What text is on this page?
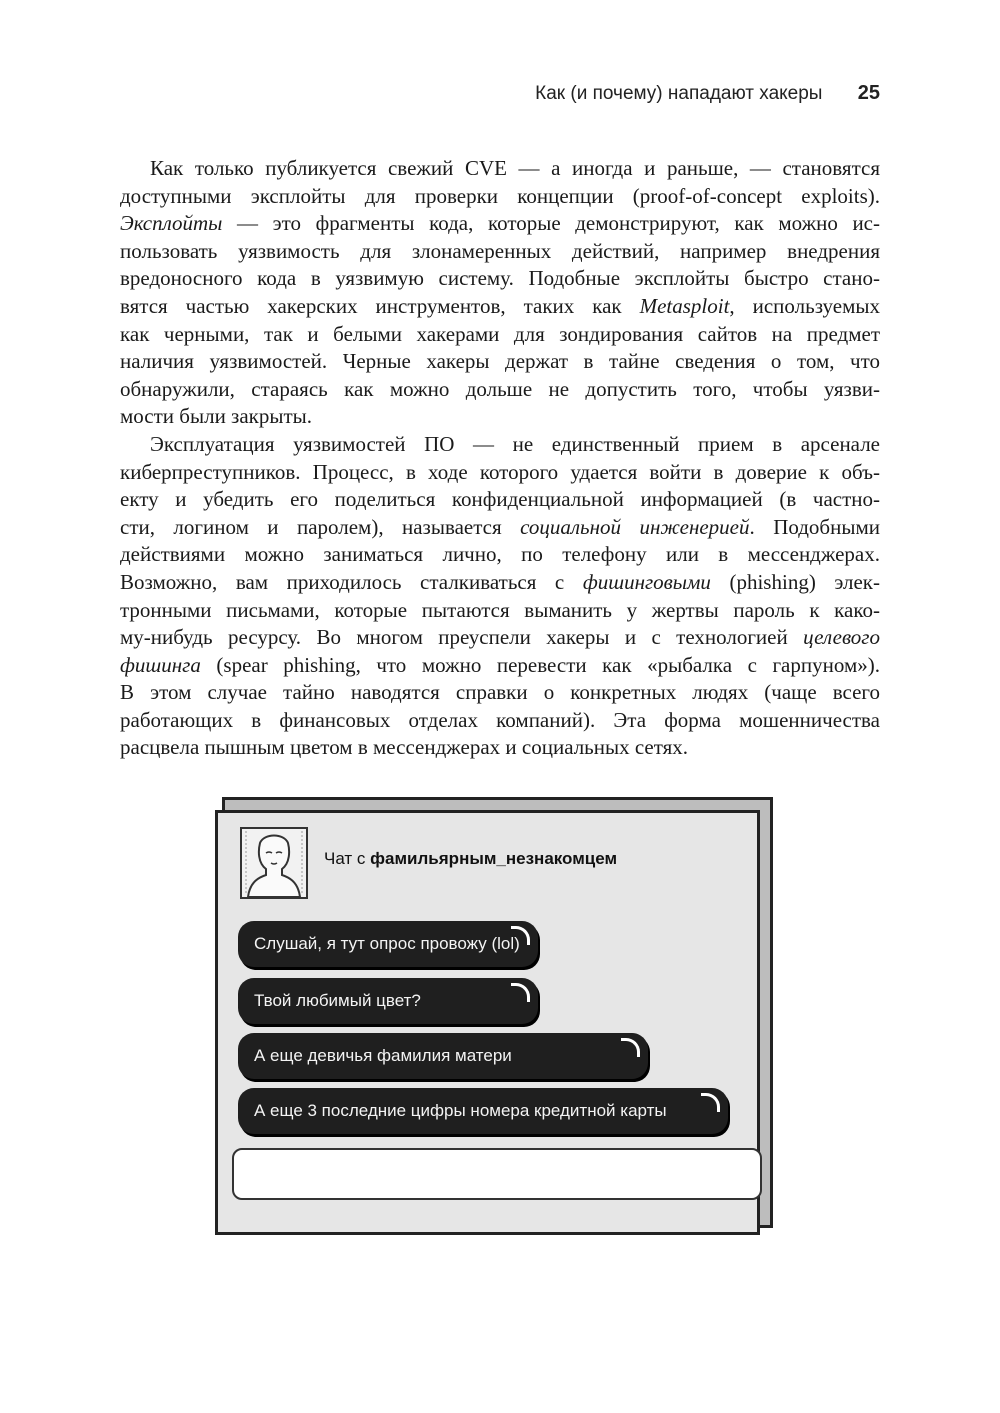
Как (и почему) нападают хакеры 25

Как только публикуется свежий CVE — а иногда и раньше, — становятся
доступными эксплойты для проверки концепции (proof-of-concept exploits).
Эксплойты — это фрагменты кода, которые демонстрируют, как можно ис-
пользовать уязвимость для злонамеренных действий, например внедрения
вредоносного кода в уязвимую систему. Подобные эксплойты быстро стано-
вятся частью хакерских инструментов, таких как Metasploit, используемых
как черными, так и белыми хакерами для зондирования сайтов на предмет
наличия уязвимостей. Черные хакеры держат в тайне сведения о том, что
обнаружили, стараясь как можно дольше не допустить того, чтобы уязви-
мости были закрыты.

Эксплуатация уязвимостей ПО — не единственный прием в арсенале
киберпреступников. Процесс, в ходе которого удается войти в доверие к объ-
екту и убедить его поделиться конфиденциальной информацией (в частно-
сти, логином и паролем), называется социальной инженерией. Подобными
действиями можно заниматься лично, по телефону или в мессенджерах.
Возможно, вам приходилось сталкиваться с фишинговыми (phishing) элек-
тронными письмами, которые пытаются выманить у жертвы пароль к како-
му-нибудь ресурсу. Во многом преуспели хакеры и с технологией целевого
фишинга (spear phishing, что можно перевести как «рыбалка с гарпуном»).
В этом случае тайно наводятся справки о конкретных людях (чаще всего
работающих в финансовых отделах компаний). Эта форма мошенничества
расцвела пышным цветом в мессенджерах и социальных сетях.

Чат с фамильярным_незнакомцем
Слушай, я тут опрос провожу (lol)
Твой любимый цвет?
А еще девичья фамилия матери
А еще 3 последние цифры номера кредитной карты
